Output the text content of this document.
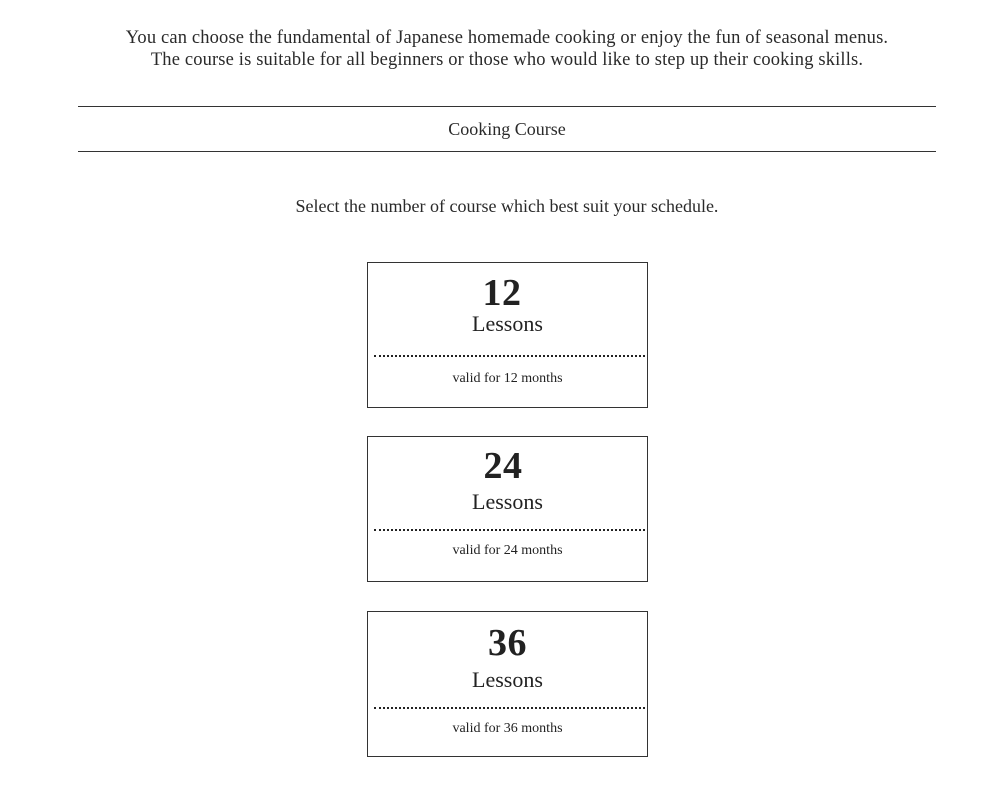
You can choose the fundamental of Japanese homemade cooking or enjoy the fun of seasonal menus.

The course is suitable for all beginners or those who would like to step up their cooking skills.

Cooking Course
Select the number of course which best suit your schedule.
12
Lessons
valid for 12 months
24
Lessons
valid for 24 months
36
Lessons
valid for 36 months
